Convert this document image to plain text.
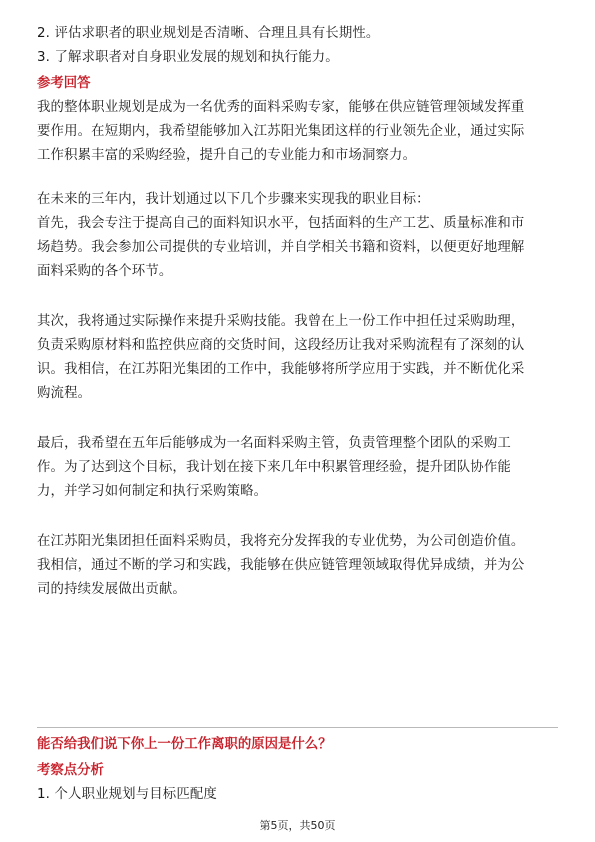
2. 评估求职者的职业规划是否清晰、合理且具有长期性。
3. 了解求职者对自身职业发展的规划和执行能力。
参考回答
我的整体职业规划是成为一名优秀的面料采购专家，能够在供应链管理领域发挥重
要作用。在短期内，我希望能够加入江苏阳光集团这样的行业领先企业，通过实际
工作积累丰富的采购经验，提升自己的专业能力和市场洞察力。
在未来的三年内，我计划通过以下几个步骤来实现我的职业目标：
首先，我会专注于提高自己的面料知识水平，包括面料的生产工艺、质量标准和市
场趋势。我会参加公司提供的专业培训，并自学相关书籍和资料，以便更好地理解
面料采购的各个环节。
其次，我将通过实际操作来提升采购技能。我曾在上一份工作中担任过采购助理，
负责采购原材料和监控供应商的交货时间，这段经历让我对采购流程有了深刻的认
识。我相信，在江苏阳光集团的工作中，我能够将所学应用于实践，并不断优化采
购流程。
最后，我希望在五年后能够成为一名面料采购主管，负责管理整个团队的采购工
作。为了达到这个目标，我计划在接下来几年中积累管理经验，提升团队协作能
力，并学习如何制定和执行采购策略。
在江苏阳光集团担任面料采购员，我将充分发挥我的专业优势，为公司创造价值。
我相信，通过不断的学习和实践，我能够在供应链管理领域取得优异成绩，并为公
司的持续发展做出贡献。
能否给我们说下你上一份工作离职的原因是什么？
考察点分析
1. 个人职业规划与目标匹配度
第5页，共50页
